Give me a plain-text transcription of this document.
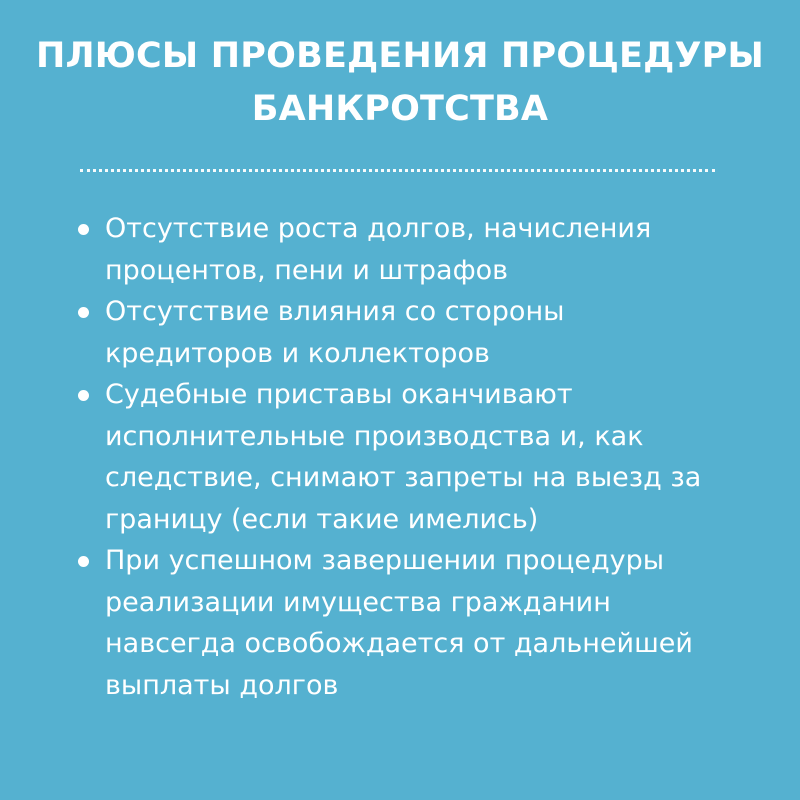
ПЛЮСЫ ПРОВЕДЕНИЯ ПРОЦЕДУРЫ
БАНКРОТСТВА
Отсутствие роста долгов, начисления
процентов, пени и штрафов
Отсутствие влияния со стороны
кредиторов и коллекторов
Судебные приставы оканчивают
исполнительные производства и, как
следствие, снимают запреты на выезд за
границу (если такие имелись)
При успешном завершении процедуры
реализации имущества гражданин
навсегда освобождается от дальнейшей
выплаты долгов
